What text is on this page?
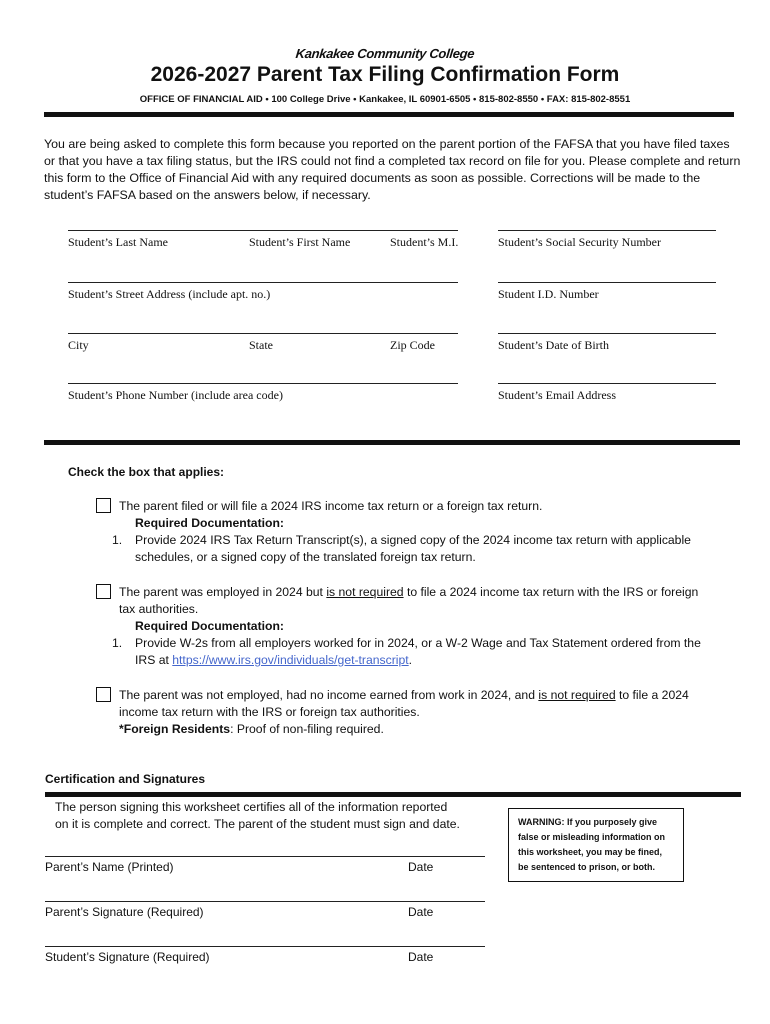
Kankakee Community College
2026-2027 Parent Tax Filing Confirmation Form
OFFICE OF FINANCIAL AID • 100 College Drive • Kankakee, IL 60901-6505 • 815-802-8550 • FAX: 815-802-8551
You are being asked to complete this form because you reported on the parent portion of the FAFSA that you have filed taxes or that you have a tax filing status, but the IRS could not find a completed tax record on file for you. Please complete and return this form to the Office of Financial Aid with any required documents as soon as possible. Corrections will be made to the student’s FAFSA based on the answers below, if necessary.
Student’s Last Name	Student’s First Name	Student’s M.I.	Student’s Social Security Number
Student’s Street Address (include apt. no.)	Student I.D. Number
City	State	Zip Code	Student’s Date of Birth
Student’s Phone Number (include area code)	Student’s Email Address
Check the box that applies:
The parent filed or will file a 2024 IRS income tax return or a foreign tax return.
Required Documentation:
1. Provide 2024 IRS Tax Return Transcript(s), a signed copy of the 2024 income tax return with applicable
schedules, or a signed copy of the translated foreign tax return.
The parent was employed in 2024 but is not required to file a 2024 income tax return with the IRS or foreign
tax authorities.
Required Documentation:
1. Provide W-2s from all employers worked for in 2024, or a W-2 Wage and Tax Statement ordered from the
IRS at https://www.irs.gov/individuals/get-transcript.
The parent was not employed, had no income earned from work in 2024, and is not required to file a 2024
income tax return with the IRS or foreign tax authorities.
*Foreign Residents: Proof of non-filing required.
Certification and Signatures
The person signing this worksheet certifies all of the information reported
on it is complete and correct. The parent of the student must sign and date.	WARNING: If you purposely give
false or misleading information on
this worksheet, you may be fined,
be sentenced to prison, or both.
Parent’s Name (Printed)	Date
Parent’s Signature (Required)	Date
Student’s Signature (Required)	Date
